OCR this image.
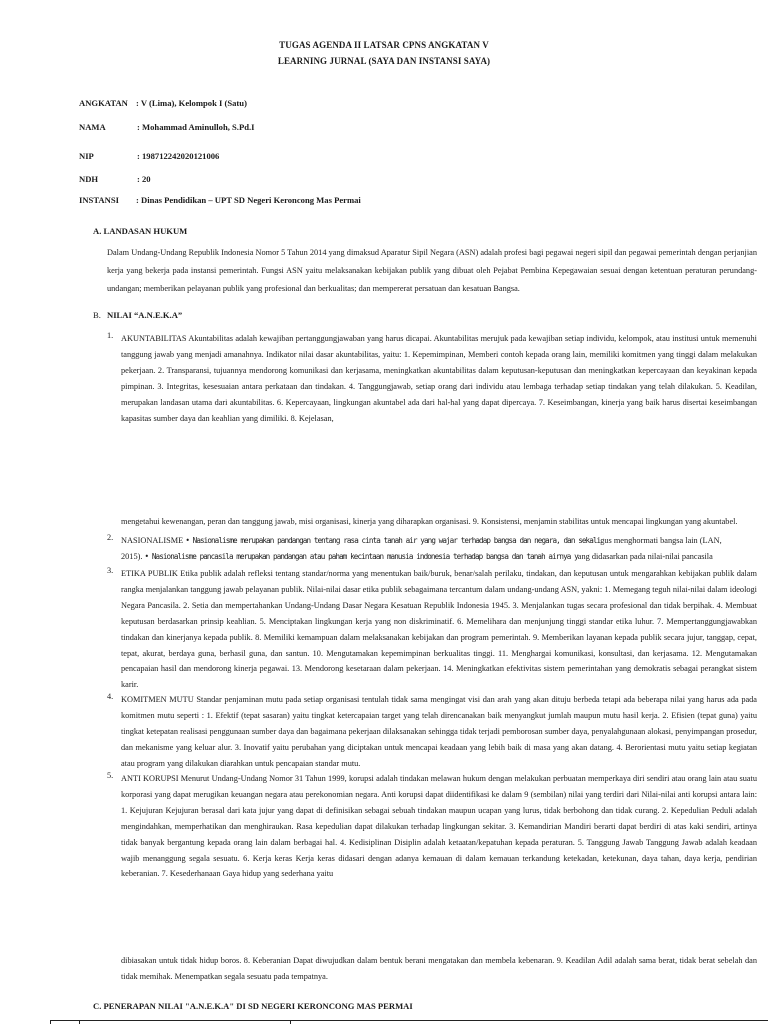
TUGAS AGENDA II LATSAR CPNS ANGKATAN V
LEARNING JURNAL (SAYA DAN INSTANSI SAYA)
ANGKATAN : V (Lima), Kelompok I (Satu)
NAMA	: Mohammad Aminulloh, S.Pd.I
NIP	: 198712242020121006
NDH	: 20
INSTANSI : Dinas Pendidikan – UPT SD Negeri Keroncong Mas Permai
A. LANDASAN HUKUM
Dalam Undang-Undang Republik Indonesia Nomor 5 Tahun 2014 yang dimaksud Aparatur Sipil Negara (ASN) adalah profesi bagi pegawai negeri sipil dan pegawai pemerintah dengan perjanjian kerja yang bekerja pada instansi pemerintah. Fungsi ASN yaitu melaksanakan kebijakan publik yang dibuat oleh Pejabat Pembina Kepegawaian sesuai dengan ketentuan peraturan perundang-undangan; memberikan pelayanan publik yang profesional dan berkualitas; dan mempererat persatuan dan kesatuan Bangsa.
B. NILAI “A.N.E.K.A”
1. AKUNTABILITAS Akuntabilitas adalah kewajiban pertanggungjawaban yang harus dicapai. Akuntabilitas merujuk pada kewajiban setiap individu, kelompok, atau institusi untuk memenuhi tanggung jawab yang menjadi amanahnya. Indikator nilai dasar akuntabilitas, yaitu: 1. Kepemimpinan, Memberi contoh kepada orang lain, memiliki komitmen yang tinggi dalam melakukan pekerjaan. 2. Transparansi, tujuannya mendorong komunikasi dan kerjasama, meningkatkan akuntabilitas dalam keputusan-keputusan dan meningkatkan kepercayaan dan keyakinan kepada pimpinan. 3. Integritas, kesesuaian antara perkataan dan tindakan. 4. Tanggungjawab, setiap orang dari individu atau lembaga terhadap setiap tindakan yang telah dilakukan. 5. Keadilan, merupakan landasan utama dari akuntabilitas. 6. Kepercayaan, lingkungan akuntabel ada dari hal-hal yang dapat dipercaya. 7. Keseimbangan, kinerja yang baik harus disertai keseimbangan kapasitas sumber daya dan keahlian yang dimiliki. 8. Kejelasan,
mengetahui kewenangan, peran dan tanggung jawab, misi organisasi, kinerja yang diharapkan organisasi. 9. Konsistensi, menjamin stabilitas untuk mencapai lingkungan yang akuntabel.
2. NASIONALISME • Nasionalisme merupakan pandangan tentang rasa cinta tanah air yang wajar terhadap bangsa dan negara, dan sekaligus menghormati bangsa lain (LAN,
2015). • Nasionalisme pancasila merupakan pandangan atau paham kecintaan manusia indonesia terhadap bangsa dan tanah airnya yang didasarkan pada nilai-nilai pancasila
3. ETIKA PUBLIK Etika publik adalah refleksi tentang standar/norma yang menentukan baik/buruk, benar/salah perilaku, tindakan, dan keputusan untuk mengarahkan kebijakan publik dalam rangka menjalankan tanggung jawab pelayanan publik. Nilai-nilai dasar etika publik sebagaimana tercantum dalam undang-undang ASN, yakni: 1. Memegang teguh nilai-nilai dalam ideologi Negara Pancasila. 2. Setia dan mempertahankan Undang-Undang Dasar Negara Kesatuan Republik Indonesia 1945. 3. Menjalankan tugas secara profesional dan tidak berpihak. 4. Membuat keputusan berdasarkan prinsip keahlian. 5. Menciptakan lingkungan kerja yang non diskriminatif. 6. Memelihara dan menjunjung tinggi standar etika luhur. 7. Mempertanggungjawabkan tindakan dan kinerjanya kepada publik. 8. Memiliki kemampuan dalam melaksanakan kebijakan dan program pemerintah. 9. Memberikan layanan kepada publik secara jujur, tanggap, cepat, tepat, akurat, berdaya guna, berhasil guna, dan santun. 10. Mengutamakan kepemimpinan berkualitas tinggi. 11. Menghargai komunikasi, konsultasi, dan kerjasama. 12. Mengutamakan pencapaian hasil dan mendorong kinerja pegawai. 13. Mendorong kesetaraan dalam pekerjaan. 14. Meningkatkan efektivitas sistem pemerintahan yang demokratis sebagai perangkat sistem karir.
4. KOMITMEN MUTU Standar penjaminan mutu pada setiap organisasi tentulah tidak sama mengingat visi dan arah yang akan dituju berbeda tetapi ada beberapa nilai yang harus ada pada komitmen mutu seperti : 1. Efektif (tepat sasaran) yaitu tingkat ketercapaian target yang telah direncanakan baik menyangkut jumlah maupun mutu hasil kerja. 2. Efisien (tepat guna) yaitu tingkat ketepatan realisasi penggunaan sumber daya dan bagaimana pekerjaan dilaksanakan sehingga tidak terjadi pemborosan sumber daya, penyalahgunaan alokasi, penyimpangan prosedur, dan mekanisme yang keluar alur. 3. Inovatif yaitu perubahan yang diciptakan untuk mencapai keadaan yang lebih baik di masa yang akan datang. 4. Berorientasi mutu yaitu setiap kegiatan atau program yang dilakukan diarahkan untuk pencapaian standar mutu.
5. ANTI KORUPSI Menurut Undang-Undang Nomor 31 Tahun 1999, korupsi adalah tindakan melawan hukum dengan melakukan perbuatan memperkaya diri sendiri atau orang lain atau suatu korporasi yang dapat merugikan keuangan negara atau perekonomian negara. Anti korupsi dapat diidentifikasi ke dalam 9 (sembilan) nilai yang terdiri dari Nilai-nilai anti korupsi antara lain: 1. Kejujuran Kejujuran berasal dari kata jujur yang dapat di definisikan sebagai sebuah tindakan maupun ucapan yang lurus, tidak berbohong dan tidak curang. 2. Kepedulian Peduli adalah mengindahkan, memperhatikan dan menghiraukan. Rasa kepedulian dapat dilakukan terhadap lingkungan sekitar. 3. Kemandirian Mandiri berarti dapat berdiri di atas kaki sendiri, artinya tidak banyak bergantung kepada orang lain dalam berbagai hal. 4. Kedisiplinan Disiplin adalah ketaatan/kepatuhan kepada peraturan. 5. Tanggung Jawab Tanggung Jawab adalah keadaan wajib menanggung segala sesuatu. 6. Kerja keras Kerja keras didasari dengan adanya kemauan di dalam kemauan terkandung ketekadan, ketekunan, daya tahan, daya kerja, pendirian keberanian. 7. Kesederhanaan Gaya hidup yang sederhana yaitu
dibiasakan untuk tidak hidup boros. 8. Keberanian Dapat diwujudkan dalam bentuk berani mengatakan dan membela kebenaran. 9. Keadilan Adil adalah sama berat, tidak berat sebelah dan tidak memihak. Menempatkan segala sesuatu pada tempatnya.
C. PENERAPAN NILAI "A.N.E.K.A" DI SD NEGERI KERONCONG MAS PERMAI
